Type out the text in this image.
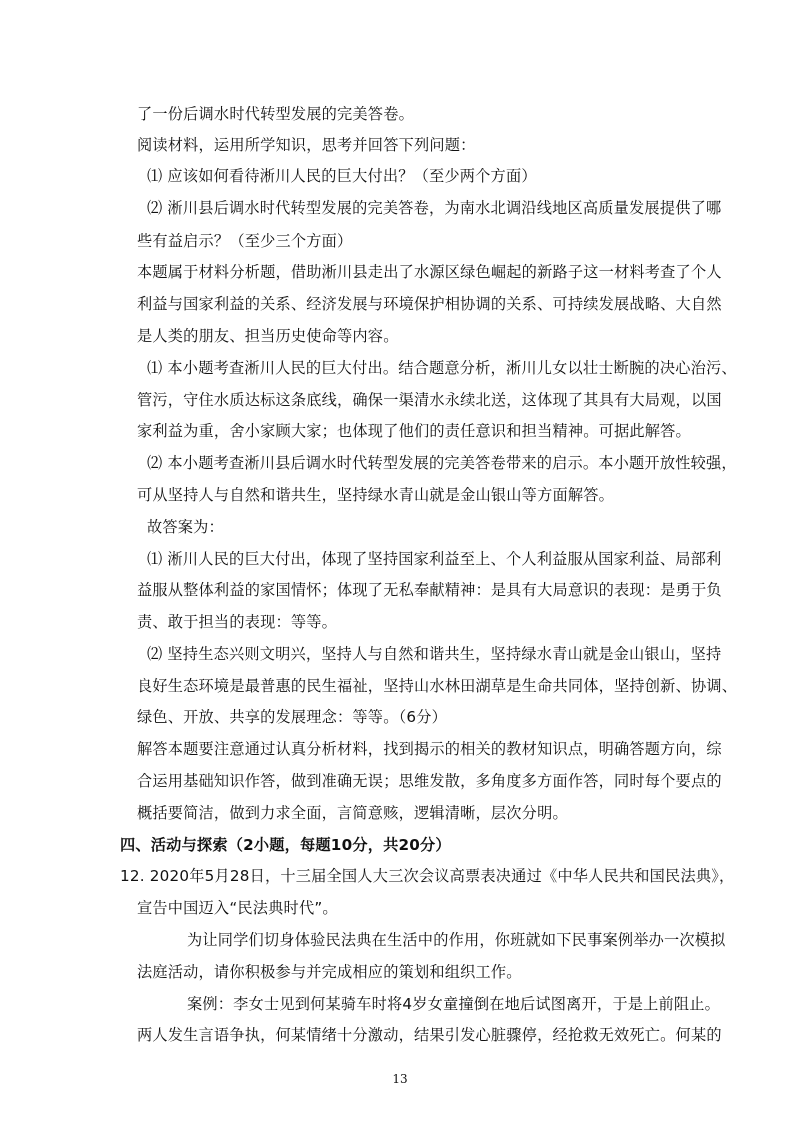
了一份后调水时代转型发展的完美答卷。
阅读材料，运用所学知识，思考并回答下列问题：
⑴ 应该如何看待淅川人民的巨大付出？（至少两个方面）
⑵ 淅川县后调水时代转型发展的完美答卷，为南水北调沿线地区高质量发展提供了哪
些有益启示？（至少三个方面）
本题属于材料分析题，借助淅川县走出了水源区绿色崛起的新路子这一材料考查了个人
利益与国家利益的关系、经济发展与环境保护相协调的关系、可持续发展战略、大自然
是人类的朋友、担当历史使命等内容。
⑴ 本小题考查淅川人民的巨大付出。结合题意分析，淅川儿女以壮士断腕的决心治污、
管污，守住水质达标这条底线，确保一渠清水永续北送，这体现了其具有大局观，以国
家利益为重，舍小家顾大家；也体现了他们的责任意识和担当精神。可据此解答。
⑵ 本小题考查淅川县后调水时代转型发展的完美答卷带来的启示。本小题开放性较强，
可从坚持人与自然和谐共生，坚持绿水青山就是金山银山等方面解答。
故答案为：
⑴ 淅川人民的巨大付出，体现了坚持国家利益至上、个人利益服从国家利益、局部利
益服从整体利益的家国情怀；体现了无私奉献精神：是具有大局意识的表现：是勇于负
责、敢于担当的表现：等等。
⑵ 坚持生态兴则文明兴，坚持人与自然和谐共生，坚持绿水青山就是金山银山，坚持
良好生态环境是最普惠的民生福祉，坚持山水林田湖草是生命共同体，坚持创新、协调、
绿色、开放、共享的发展理念：等等。（6分）
解答本题要注意通过认真分析材料，找到揭示的相关的教材知识点，明确答题方向，综
合运用基础知识作答，做到准确无误；思维发散，多角度多方面作答，同时每个要点的
概括要简洁，做到力求全面，言简意赅，逻辑清晰，层次分明。
四、活动与探索（2小题，每题10分，共20分）
12. 2020年5月28日，十三届全国人大三次会议高票表决通过《中华人民共和国民法典》，
宣告中国迈入“民法典时代”。
为让同学们切身体验民法典在生活中的作用，你班就如下民事案例举办一次模拟
法庭活动，请你积极参与并完成相应的策划和组织工作。
案例：李女士见到何某骑车时将4岁女童撞倒在地后试图离开，于是上前阻止。
两人发生言语争执，何某情绪十分激动，结果引发心脏骤停，经抢救无效死亡。何某的
13
